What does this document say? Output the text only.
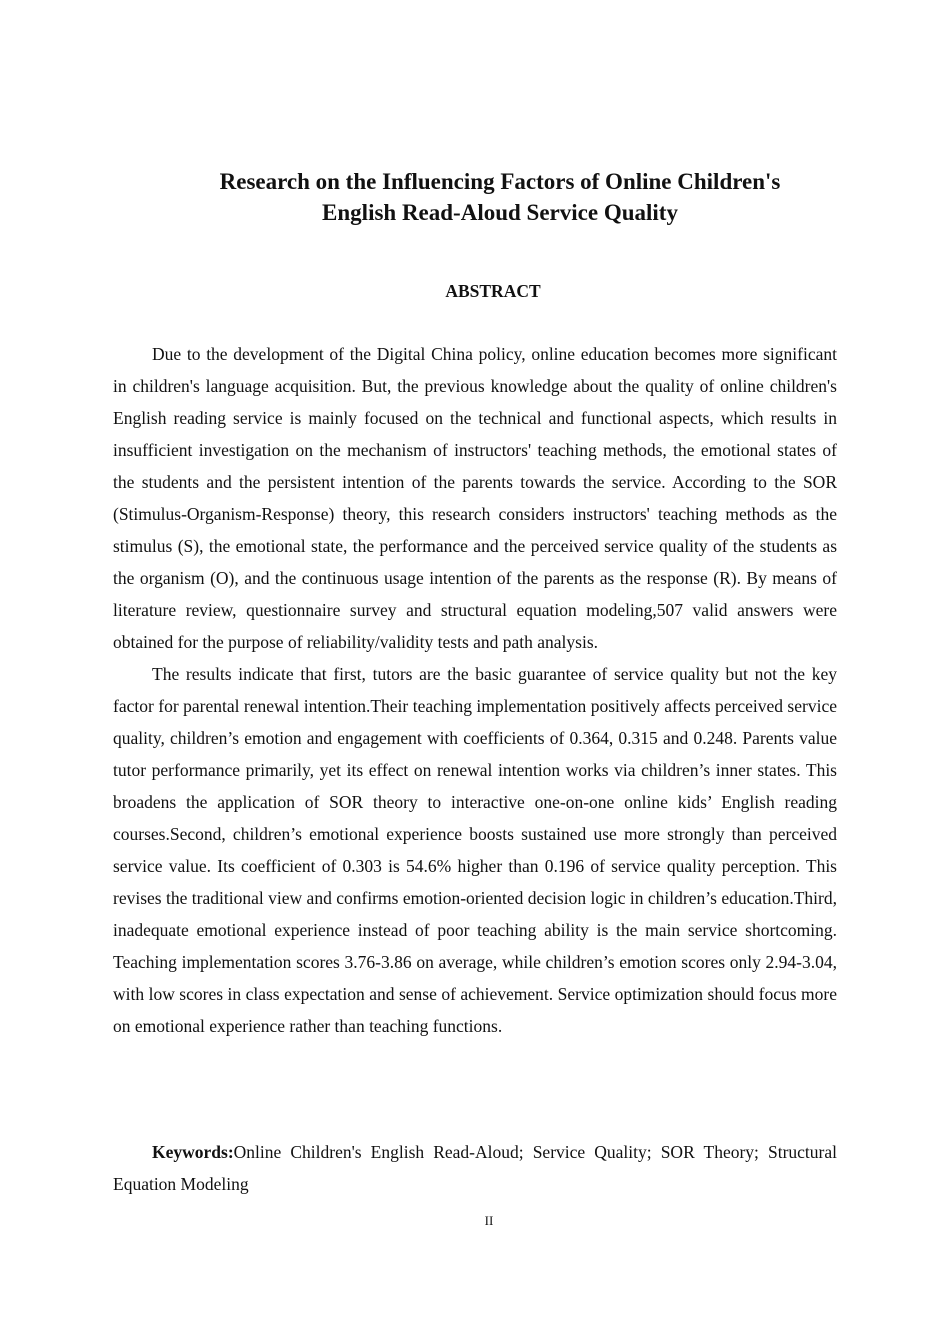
Research on the Influencing Factors of Online Children's
English Read-Aloud Service Quality
ABSTRACT

Due to the development of the Digital China policy, online education becomes more significant in children's language acquisition. But, the previous knowledge about the quality of online children's English reading service is mainly focused on the technical and functional aspects, which results in insufficient investigation on the mechanism of instructors' teaching methods, the emotional states of the students and the persistent intention of the parents towards the service. According to the SOR (Stimulus-Organism-Response) theory, this research considers instructors' teaching methods as the stimulus (S), the emotional state, the performance and the perceived service quality of the students as the organism (O), and the continuous usage intention of the parents as the response (R). By means of literature review, questionnaire survey and structural equation modeling,507 valid answers were obtained for the purpose of reliability/validity tests and path analysis.

The results indicate that first, tutors are the basic guarantee of service quality but not the key factor for parental renewal intention.Their teaching implementation positively affects perceived service quality, children’s emotion and engagement with coefficients of 0.364, 0.315 and 0.248. Parents value tutor performance primarily, yet its effect on renewal intention works via children’s inner states. This broadens the application of SOR theory to interactive one-on-one online kids’ English reading courses.Second, children’s emotional experience boosts sustained use more strongly than perceived service value. Its coefficient of 0.303 is 54.6% higher than 0.196 of service quality perception. This revises the traditional view and confirms emotion-oriented decision logic in children’s education.Third, inadequate emotional experience instead of poor teaching ability is the main service shortcoming. Teaching implementation scores 3.76-3.86 on average, while children’s emotion scores only 2.94-3.04, with low scores in class expectation and sense of achievement. Service optimization should focus more on emotional experience rather than teaching functions.

Keywords:Online Children's English Read-Aloud; Service Quality; SOR Theory; Structural Equation Modeling

II
